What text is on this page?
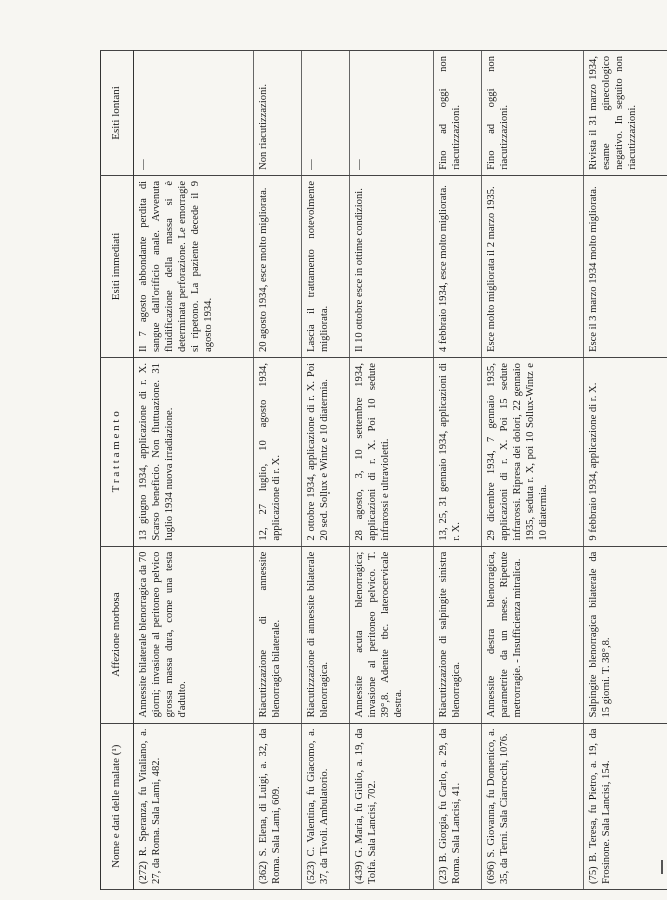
Nome e dati delle malate (¹)	Affezione morbosa	T r a t t a m e n t o	Esiti immediati	Esiti lontani
(272) R. Speranza, fu Vitaliano, a. 27, da Roma. Sala Lami, 482.	Annessite bilaterale blenorragica da 70 giorni; invasione al peritoneo pelvico grossa massa dura, come una testa d'adulto.	13 giugno 1934, applicazione di r. X. Scarso beneficio. Non fluttuazione. 31 luglio 1934 nuova irradiazione.	Il 7 agosto abbondante perdita di sangue dall'orificio anale. Avvenuta fluidificazione della massa si è determinata perforazione. Le emorragie si ripetono. La paziente decede il 9 agosto 1934.	—
(362) S. Elena, di Luigi, a. 32, da Roma. Sala Lami, 609.	Riacutizzazione di annessite blenorragica bilaterale.	12, 27 luglio, 10 agosto 1934, applicazione di r. X.	20 agosto 1934, esce molto migliorata.	Non riacutizzazioni.
(523) C. Valentina, fu Giacomo, a. 37, da Tivoli. Ambulatorio.	Riacutizzazione di annessite bilaterale blenorragica.	2 ottobre 1934, applicazione di r. X. Poi 20 sed. Sollux e Wintz e 10 diatermia.	Lascia il trattamento notevolmente migliorata.	—
(439) G. Maria, fu Giulio, a. 19, da Tolfa. Sala Lancisi, 702.	Annessite acuta blenorragica; invasione al peritoneo pelvico. T. 39°,8. Adenite tbc. laterocervicale destra.	28 agosto, 3, 10 settembre 1934, applicazioni di r. X. Poi 10 sedute infrarossi e ultravioletti.	Il 10 ottobre esce in ottime condizioni.	—
(23) B. Giorgia, fu Carlo, a. 29, da Roma. Sala Lancisi, 41.	Riacutizzazione di salpingite sinistra blenorragica.	13, 25, 31 gennaio 1934, applicazioni di r. X.	4 febbraio 1934, esce molto migliorata.	Fino ad oggi non riacutizzazioni.
(696) S. Giovanna, fu Domenico, a. 35, da Terni. Sala Ciarrocchi, 1076.	Annessite destra blenorragica, parametrite da un mese. Ripetute metrorragie. - Insufficienza mitralica.	29 dicembre 1934, 7 gennaio 1935, applicazioni di r. X. Poi 15 sedute infrarossi. Ripresa dei dolori, 22 gennaio 1935, seduta r. X, poi 10 Sollux-Wintz e 10 diatermia.	Esce molto migliorata il 2 marzo 1935.	Fino ad oggi non riacutizzazioni.
(75) B. Teresa, fu Pietro, a. 19, da Frosinone. Sala Lancisi, 154.	Salpingite blenorragica bilaterale da 15 giorni. T. 38°,8.	9 febbraio 1934, applicazione di r. X.	Esce il 3 marzo 1934 molto migliorata.	Rivista il 31 marzo 1934, esame ginecologico negativo. In seguito non riacutizzazioni.
